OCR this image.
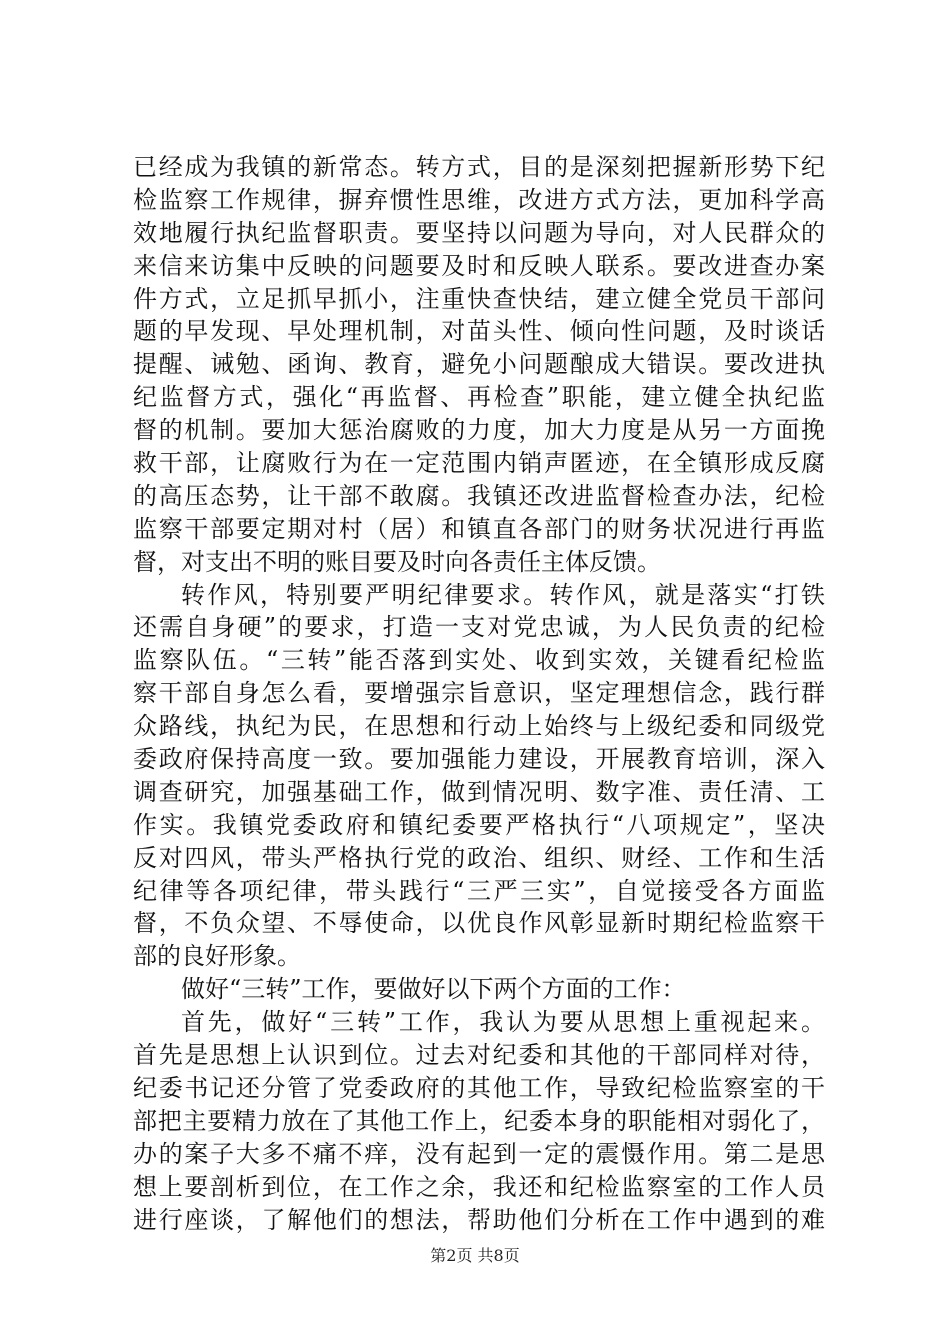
已经成为我镇的新常态。转方式，目的是深刻把握新形势下纪
检监察工作规律，摒弃惯性思维，改进方式方法，更加科学高
效地履行执纪监督职责。要坚持以问题为导向，对人民群众的
来信来访集中反映的问题要及时和反映人联系。要改进查办案
件方式，立足抓早抓小，注重快查快结，建立健全党员干部问
题的早发现、早处理机制，对苗头性、倾向性问题，及时谈话
提醒、诫勉、函询、教育，避免小问题酿成大错误。要改进执
纪监督方式，强化“再监督、再检查”职能，建立健全执纪监
督的机制。要加大惩治腐败的力度，加大力度是从另一方面挽
救干部，让腐败行为在一定范围内销声匿迹，在全镇形成反腐
的高压态势，让干部不敢腐。我镇还改进监督检查办法，纪检
监察干部要定期对村（居）和镇直各部门的财务状况进行再监
督，对支出不明的账目要及时向各责任主体反馈。
转作风，特别要严明纪律要求。转作风，就是落实“打铁
还需自身硬”的要求，打造一支对党忠诚，为人民负责的纪检
监察队伍。“三转”能否落到实处、收到实效，关键看纪检监
察干部自身怎么看，要增强宗旨意识，坚定理想信念，践行群
众路线，执纪为民，在思想和行动上始终与上级纪委和同级党
委政府保持高度一致。要加强能力建设，开展教育培训，深入
调查研究，加强基础工作，做到情况明、数字准、责任清、工
作实。我镇党委政府和镇纪委要严格执行“八项规定”，坚决
反对四风，带头严格执行党的政治、组织、财经、工作和生活
纪律等各项纪律，带头践行“三严三实”，自觉接受各方面监
督，不负众望、不辱使命，以优良作风彰显新时期纪检监察干
部的良好形象。
做好“三转”工作，要做好以下两个方面的工作：
首先，做好“三转”工作，我认为要从思想上重视起来。
首先是思想上认识到位。过去对纪委和其他的干部同样对待，
纪委书记还分管了党委政府的其他工作，导致纪检监察室的干
部把主要精力放在了其他工作上，纪委本身的职能相对弱化了，
办的案子大多不痛不痒，没有起到一定的震慑作用。第二是思
想上要剖析到位，在工作之余，我还和纪检监察室的工作人员
进行座谈，了解他们的想法，帮助他们分析在工作中遇到的难
第2页 共8页
